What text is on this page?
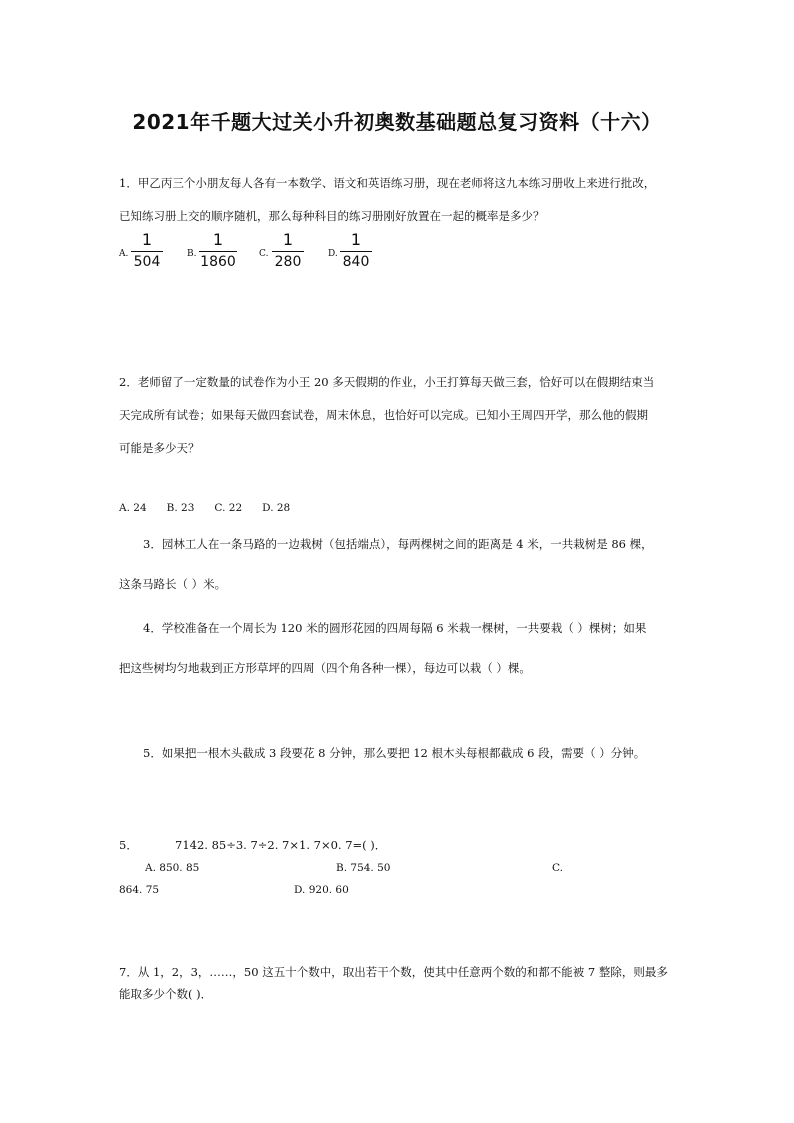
2021年千题大过关小升初奥数基础题总复习资料（十六）
1．甲乙丙三个小朋友每人各有一本数学、语文和英语练习册，现在老师将这九本练习册收上来进行批改，
已知练习册上交的顺序随机，那么每种科目的练习册刚好放置在一起的概率是多少？
A.
1
504	B.
1
1860	C.
1
280	D.
1
840
2．老师留了一定数量的试卷作为小王 20 多天假期的作业，小王打算每天做三套，恰好可以在假期结束当
天完成所有试卷；如果每天做四套试卷，周末休息，也恰好可以完成。已知小王周四开学，那么他的假期
可能是多少天？
A. 24      B. 23      C. 22      D. 28
3．园林工人在一条马路的一边栽树（包括端点），每两棵树之间的距离是 4 米，一共栽树是 86 棵，
这条马路长（ ）米。
4．学校准备在一个周长为 120 米的圆形花园的四周每隔 6 米栽一棵树，一共要栽（ ）棵树；如果
把这些树均匀地栽到正方形草坪的四周（四个角各种一棵），每边可以栽（ ）棵。
5．如果把一根木头截成 3 段要花 8 分钟，那么要把 12 根木头每根都截成 6 段，需要（ ）分钟。
5．	7142. 85÷3. 7÷2. 7×1. 7×0. 7=( )．
A. 850. 85	B. 754. 50	C.
864. 75	D. 920. 60
7．从 1，2，3，……，50 这五十个数中，取出若干个数，使其中任意两个数的和都不能被 7 整除，则最多
能取多少个数( )．
